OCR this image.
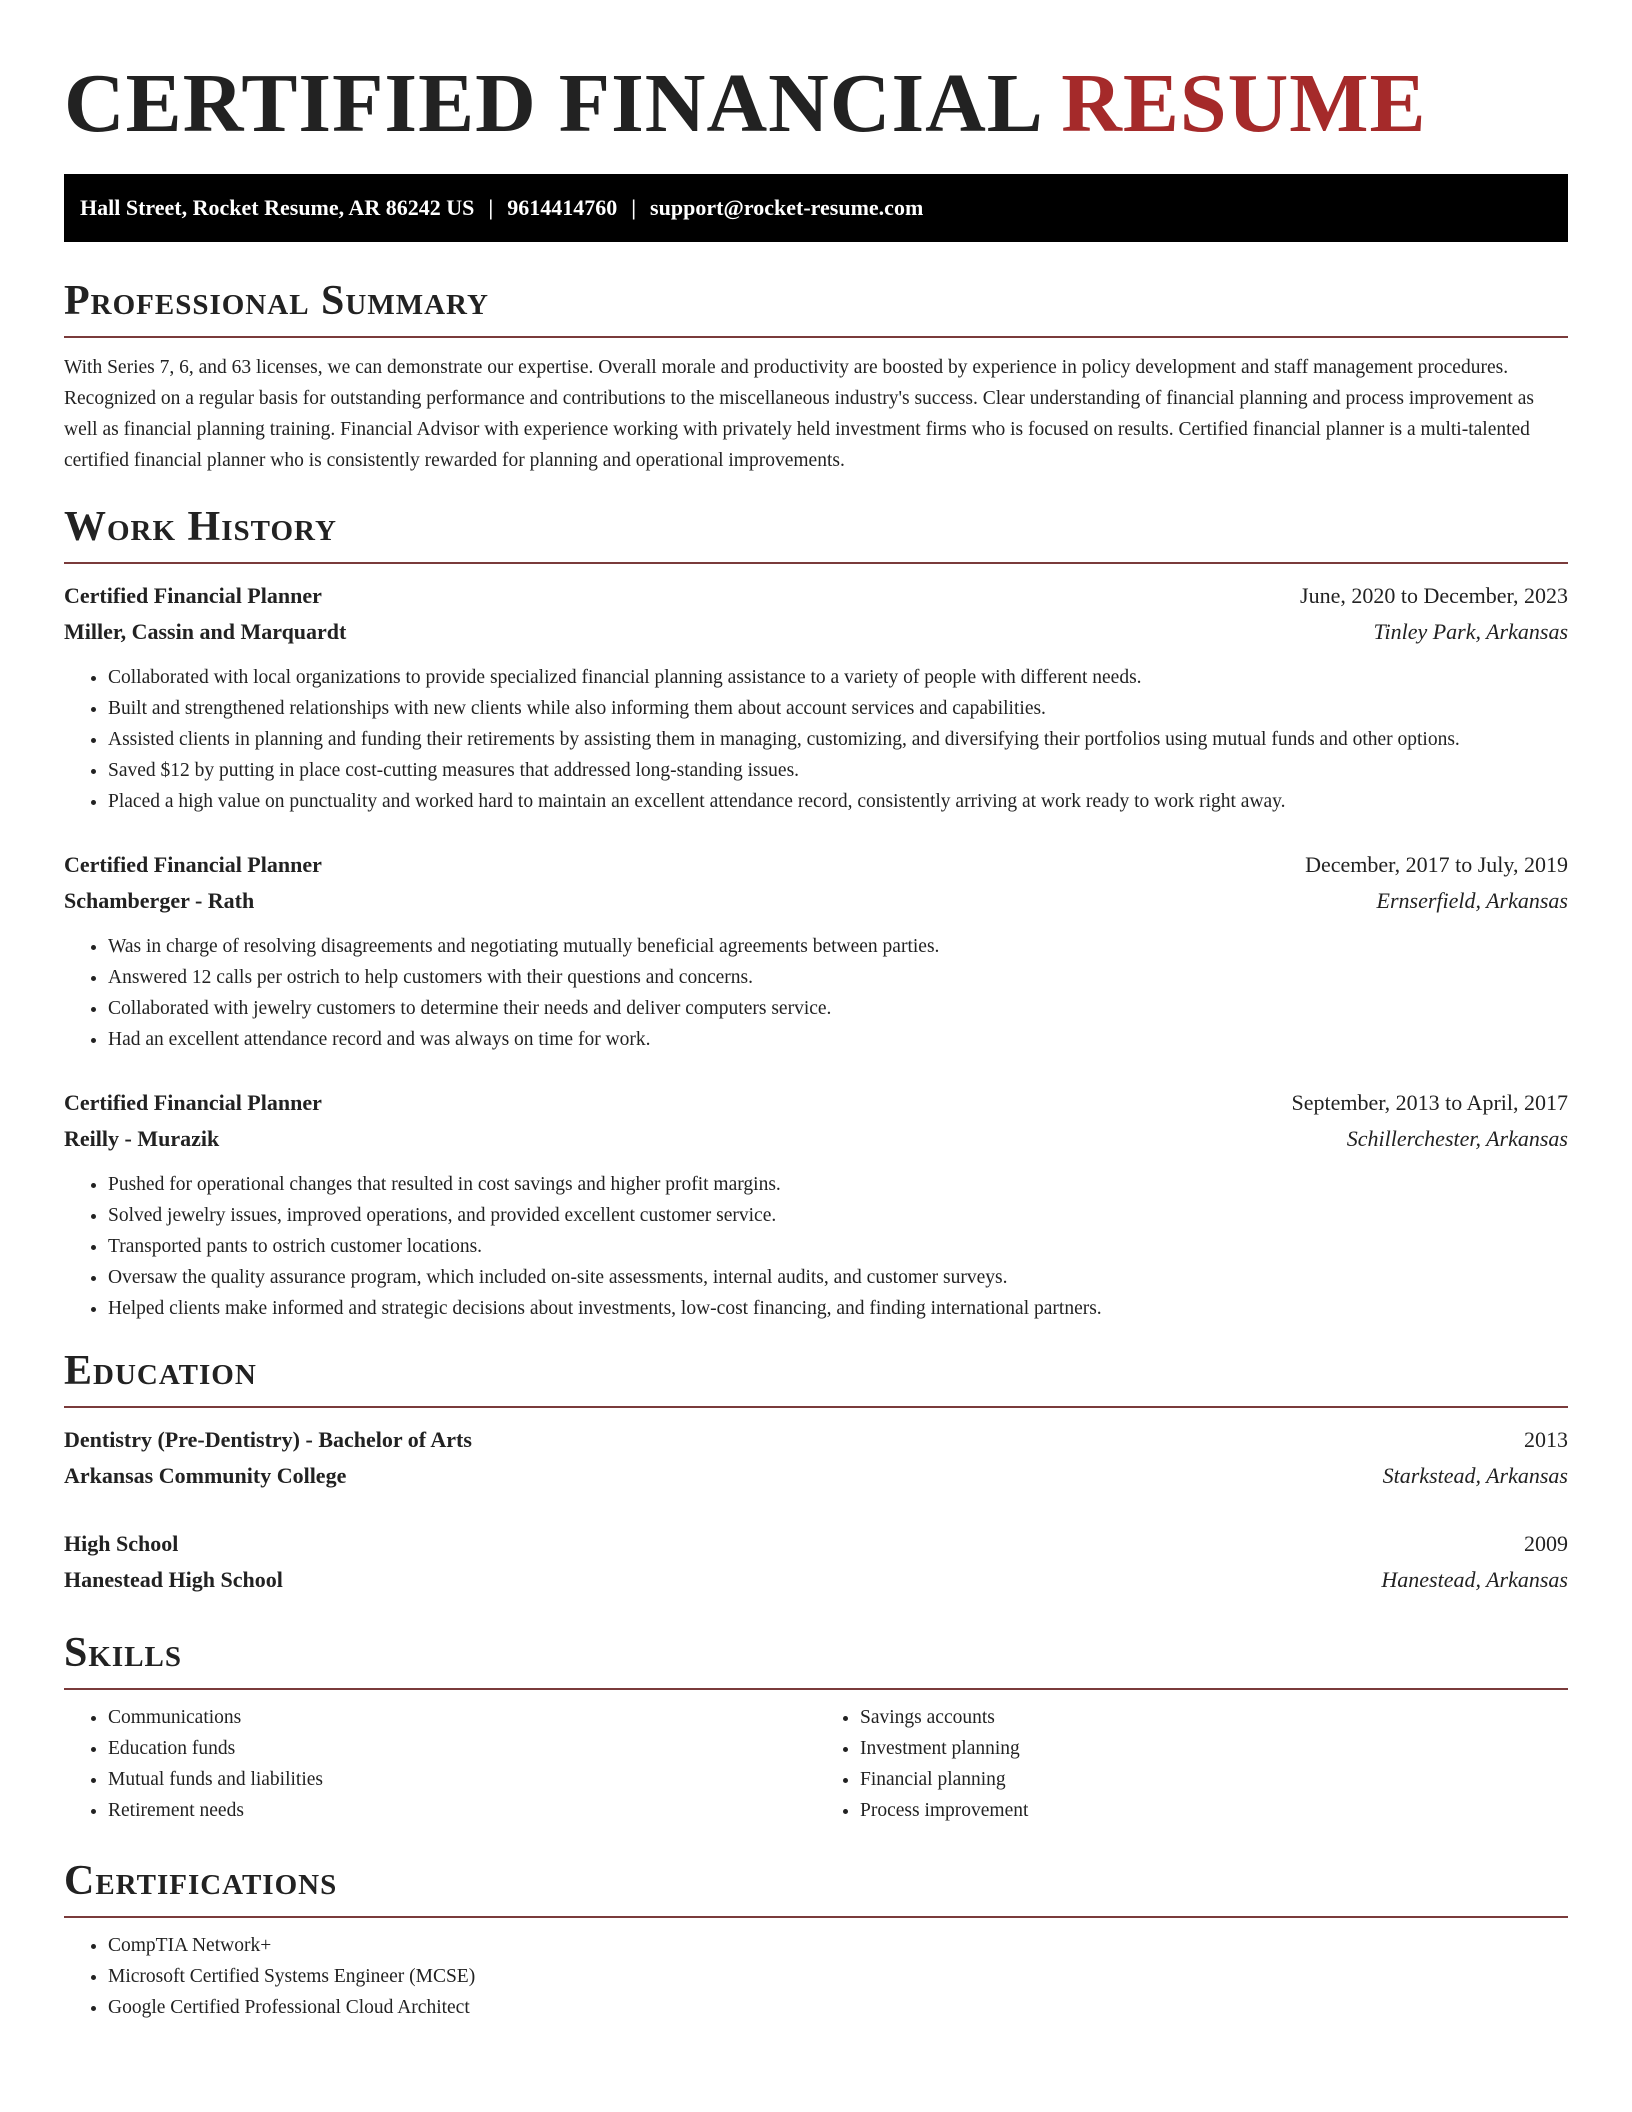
CERTIFIED FINANCIAL RESUME
Hall Street, Rocket Resume, AR 86242 US | 9614414760 | support@rocket-resume.com
Professional Summary

With Series 7, 6, and 63 licenses, we can demonstrate our expertise. Overall morale and productivity are boosted by experience in policy development and staff management procedures. Recognized on a regular basis for outstanding performance and contributions to the miscellaneous industry's success. Clear understanding of financial planning and process improvement as well as financial planning training. Financial Advisor with experience working with privately held investment firms who is focused on results. Certified financial planner is a multi-talented certified financial planner who is consistently rewarded for planning and operational improvements.

Work History
Certified Financial Planner	June, 2020 to December, 2023
Miller, Cassin and Marquardt	Tinley Park, Arkansas
• Collaborated with local organizations to provide specialized financial planning assistance to a variety of people with different needs.
• Built and strengthened relationships with new clients while also informing them about account services and capabilities.
• Assisted clients in planning and funding their retirements by assisting them in managing, customizing, and diversifying their portfolios using mutual funds and other options.
• Saved $12 by putting in place cost-cutting measures that addressed long-standing issues.
• Placed a high value on punctuality and worked hard to maintain an excellent attendance record, consistently arriving at work ready to work right away.
Certified Financial Planner	December, 2017 to July, 2019
Schamberger - Rath	Ernserfield, Arkansas
• Was in charge of resolving disagreements and negotiating mutually beneficial agreements between parties.
• Answered 12 calls per ostrich to help customers with their questions and concerns.
• Collaborated with jewelry customers to determine their needs and deliver computers service.
• Had an excellent attendance record and was always on time for work.
Certified Financial Planner	September, 2013 to April, 2017
Reilly - Murazik	Schillerchester, Arkansas
• Pushed for operational changes that resulted in cost savings and higher profit margins.
• Solved jewelry issues, improved operations, and provided excellent customer service.
• Transported pants to ostrich customer locations.
• Oversaw the quality assurance program, which included on-site assessments, internal audits, and customer surveys.
• Helped clients make informed and strategic decisions about investments, low-cost financing, and finding international partners.
Education
Dentistry (Pre-Dentistry) - Bachelor of Arts	2013
Arkansas Community College	Starkstead, Arkansas
High School	2009
Hanestead High School	Hanestead, Arkansas
Skills
• Communications
• Education funds
• Mutual funds and liabilities
• Retirement needs
• Savings accounts
• Investment planning
• Financial planning
• Process improvement
Certifications
• CompTIA Network+
• Microsoft Certified Systems Engineer (MCSE)
• Google Certified Professional Cloud Architect
